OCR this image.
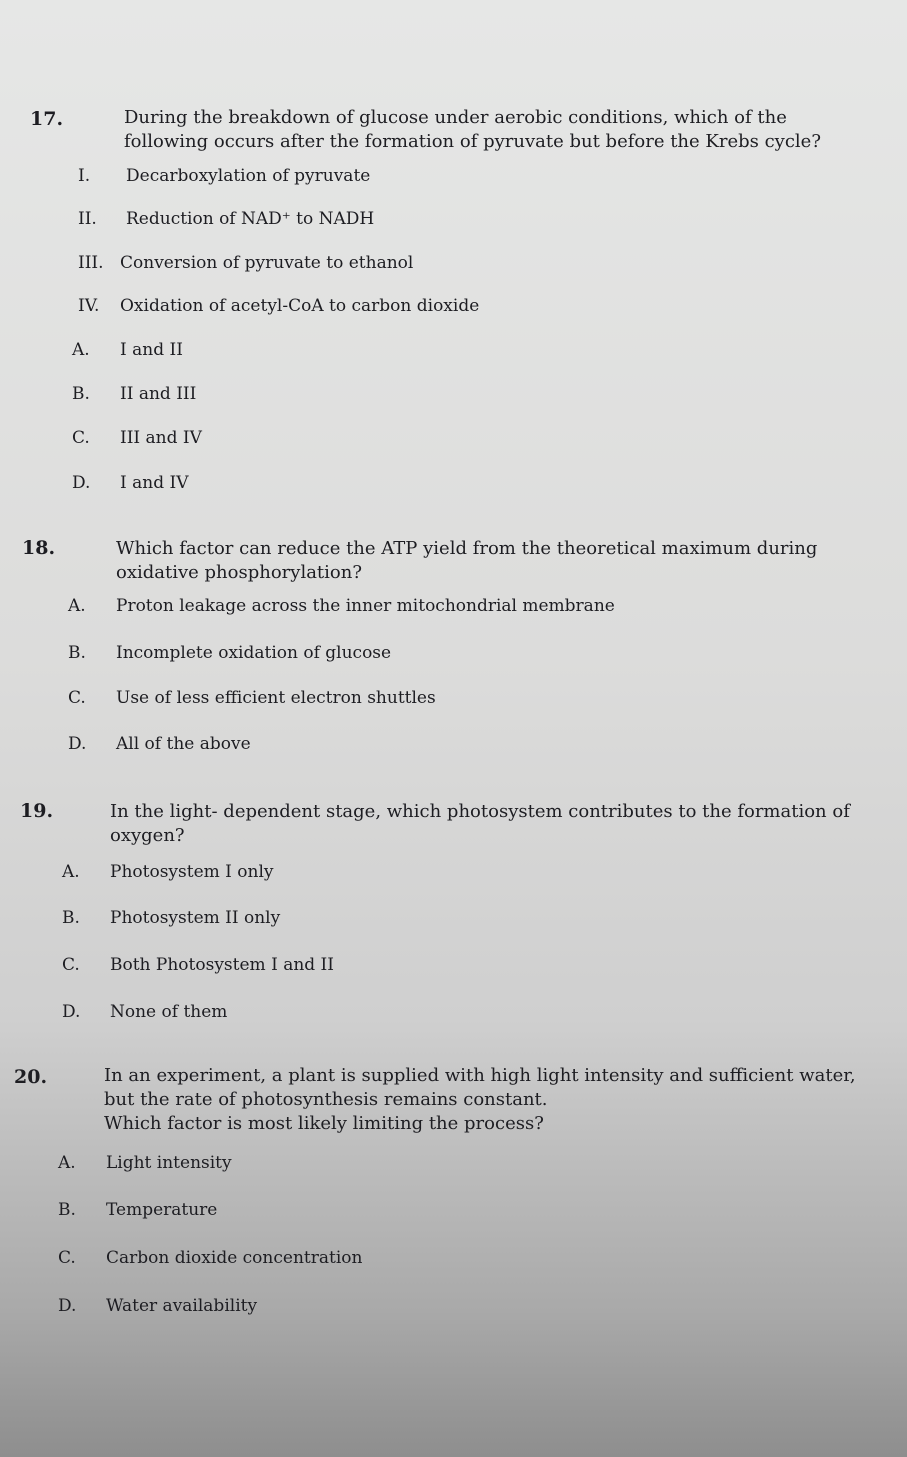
17.	During the breakdown of glucose under aerobic conditions, which of the
following occurs after the formation of pyruvate but before the Krebs cycle?
I. Decarboxylation of pyruvate
II. Reduction of NAD⁺ to NADH
III. Conversion of pyruvate to ethanol
IV. Oxidation of acetyl-CoA to carbon dioxide
A. I and II
B. II and III
C. III and IV
D. I and IV
18.	Which factor can reduce the ATP yield from the theoretical maximum during
oxidative phosphorylation?
A. Proton leakage across the inner mitochondrial membrane
B. Incomplete oxidation of glucose
C. Use of less efficient electron shuttles
D. All of the above
19.	In the light- dependent stage, which photosystem contributes to the formation of
oxygen?
A. Photosystem I only
B. Photosystem II only
C. Both Photosystem I and II
D. None of them
20.	In an experiment, a plant is supplied with high light intensity and sufficient water,
but the rate of photosynthesis remains constant.
Which factor is most likely limiting the process?
A. Light intensity
B. Temperature
C. Carbon dioxide concentration
D. Water availability
